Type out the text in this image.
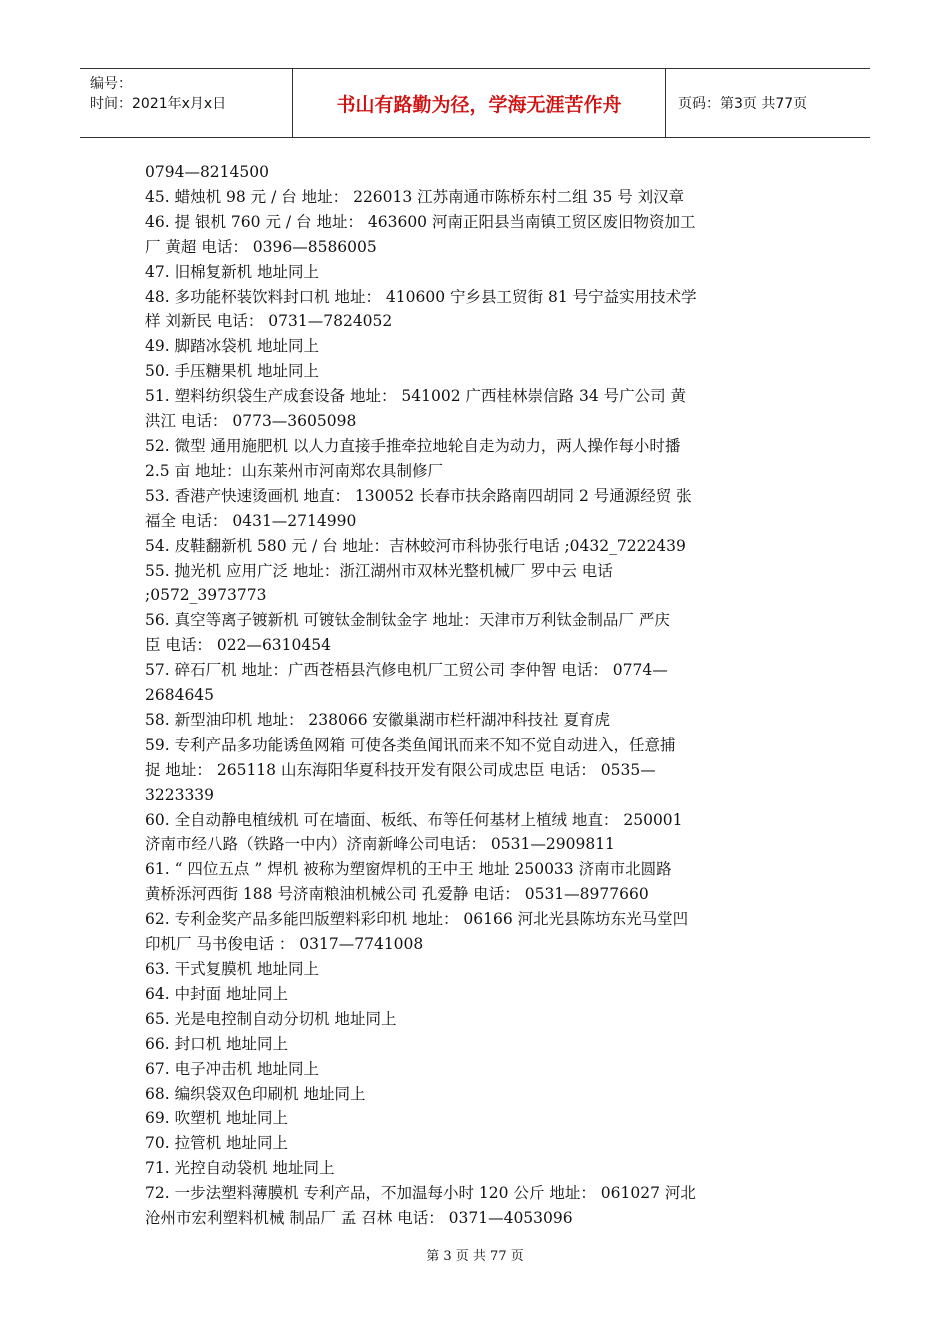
编号：
时间：2021年x月x日	书山有路勤为径，学海无涯苦作舟	页码：第3页 共77页
0794—8214500
45. 蜡烛机 98 元 / 台 地址： 226013 江苏南通市陈桥东村二组 35 号 刘汉章
46. 提 银机 760 元 / 台 地址： 463600 河南正阳县当南镇工贸区废旧物资加工
厂 黄超 电话： 0396—8586005
47. 旧棉复新机 地址同上
48. 多功能杯装饮料封口机 地址： 410600 宁乡县工贸街 81 号宁益实用技术学
样 刘新民 电话： 0731—7824052
49. 脚踏冰袋机 地址同上
50. 手压糖果机 地址同上
51. 塑料纺织袋生产成套设备 地址： 541002 广西桂林崇信路 34 号广公司 黄
洪江 电话： 0773—3605098
52. 微型 通用施肥机 以人力直接手推牵拉地轮自走为动力，两人操作每小时播
2.5 亩 地址：山东莱州市河南郑农具制修厂
53. 香港产快速烫画机 地直： 130052 长春市扶余路南四胡同 2 号通源经贸 张
福全 电话： 0431—2714990
54. 皮鞋翻新机 580 元 / 台 地址：吉林蛟河市科协张行电话 ;0432_7222439
55. 抛光机 应用广泛 地址：浙江湖州市双林光整机械厂 罗中云 电话
;0572_3973773
56. 真空等离子镀新机 可镀钛金制钛金字 地址：天津市万利钛金制品厂 严庆
臣 电话： 022—6310454
57. 碎石厂机 地址：广西苍梧县汽修电机厂工贸公司 李仲智 电话： 0774—
2684645
58. 新型油印机 地址： 238066 安徽巢湖市栏杆湖冲科技社 夏育虎
59. 专利产品多功能诱鱼网箱 可使各类鱼闻讯而来不知不觉自动进入，任意捕
捉 地址： 265118 山东海阳华夏科技开发有限公司成忠臣 电话： 0535—
3223339
60. 全自动静电植绒机 可在墙面、板纸、布等任何基材上植绒 地直： 250001
济南市经八路（铁路一中内）济南新峰公司电话： 0531—2909811
61. “ 四位五点 ” 焊机 被称为塑窗焊机的王中王 地址 250033 济南市北圆路
黄桥泺河西街 188 号济南粮油机械公司 孔爱静 电话： 0531—8977660
62. 专利金奖产品多能凹版塑料彩印机 地址： 06166 河北光县陈坊东光马堂凹
印机厂 马书俊电话 ： 0317—7741008
63. 干式复膜机 地址同上
64. 中封面 地址同上
65. 光是电控制自动分切机 地址同上
66. 封口机 地址同上
67. 电子冲击机 地址同上
68. 编织袋双色印刷机 地址同上
69. 吹塑机 地址同上
70. 拉管机 地址同上
71. 光控自动袋机 地址同上
72. 一步法塑料薄膜机 专利产品，不加温每小时 120 公斤 地址： 061027 河北
沧州市宏利塑料机械 制品厂 孟 召林 电话： 0371—4053096
第 3 页 共 77 页
